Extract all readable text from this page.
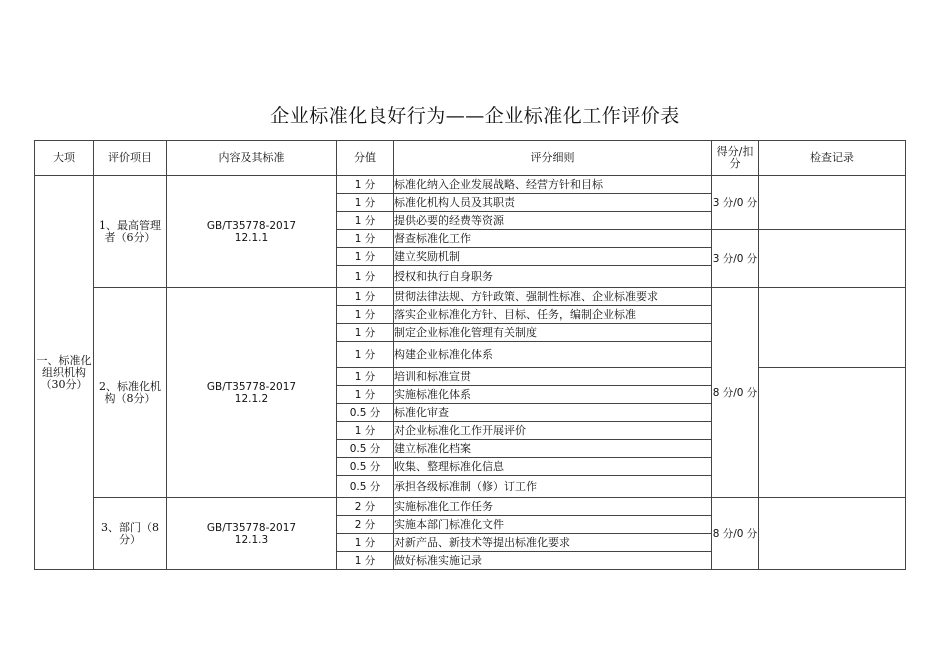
企业标准化良好行为——企业标准化工作评价表
大项	评价项目	内容及其标准	分值	评分细则	得分/扣分	检查记录
一、标准化组织机构（30分）	1、最高管理者（6分）	GB/T35778-2017
12.1.1	1 分	标准化纳入企业发展战略、经营方针和目标	3 分/0 分	
			1 分	标准化机构人员及其职责		
			1 分	提供必要的经费等资源		
			1 分	督查标准化工作	3 分/0 分	
			1 分	建立奖励机制		
			1 分	授权和执行自身职务		
	2、标准化机构（8分）	GB/T35778-2017
12.1.2	1 分	贯彻法律法规、方针政策、强制性标准、企业标准要求	8 分/0 分	
			1 分	落实企业标准化方针、目标、任务，编制企业标准		
			1 分	制定企业标准化管理有关制度		
			1 分	构建企业标准化体系		
			1 分	培训和标准宣贯		
			1 分	实施标准化体系		
			0.5 分	标准化审查		
			1 分	对企业标准化工作开展评价		
			0.5 分	建立标准化档案		
			0.5 分	收集、整理标准化信息		
			0.5 分	承担各级标准制（修）订工作		
	3、部门（8分）	GB/T35778-2017
12.1.3	2 分	实施标准化工作任务	8 分/0 分	
			2 分	实施本部门标准化文件		
			1 分	对新产品、新技术等提出标准化要求		
			1 分	做好标准实施记录		
